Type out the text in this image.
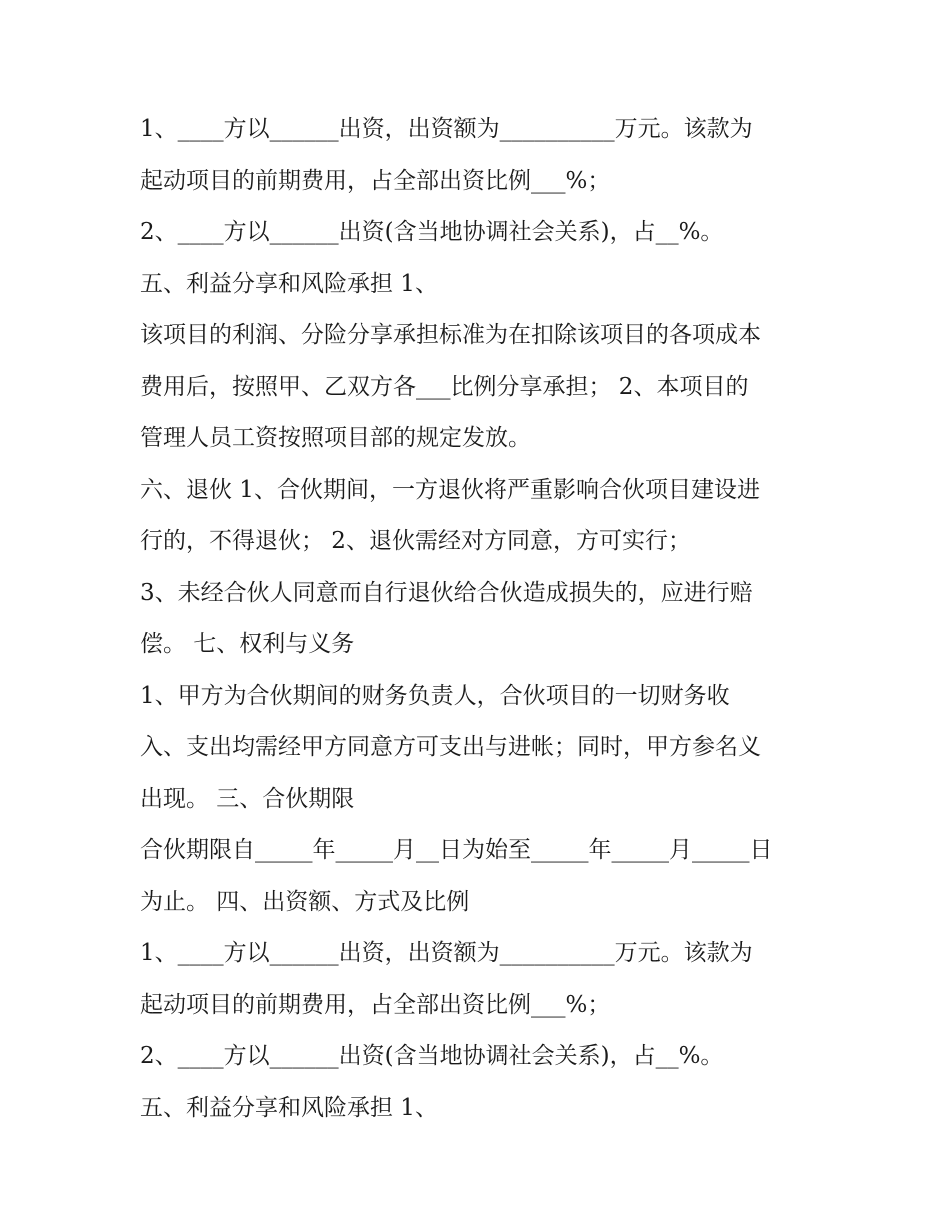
1、____方以______出资，出资额为__________万元。该款为
起动项目的前期费用，占全部出资比例___%；
2、____方以______出资(含当地协调社会关系)，占__%。
五、利益分享和风险承担 1、
该项目的利润、分险分享承担标准为在扣除该项目的各项成本
费用后，按照甲、乙双方各___比例分享承担； 2、本项目的
管理人员工资按照项目部的规定发放。
六、退伙 1、合伙期间，一方退伙将严重影响合伙项目建设进
行的，不得退伙； 2、退伙需经对方同意，方可实行；
3、未经合伙人同意而自行退伙给合伙造成损失的，应进行赔
偿。 七、权利与义务
1、甲方为合伙期间的财务负责人，合伙项目的一切财务收
入、支出均需经甲方同意方可支出与进帐；同时，甲方参名义
出现。 三、合伙期限
合伙期限自_____年_____月__日为始至_____年_____月_____日
为止。 四、出资额、方式及比例
1、____方以______出资，出资额为__________万元。该款为
起动项目的前期费用，占全部出资比例___%；
2、____方以______出资(含当地协调社会关系)，占__%。
五、利益分享和风险承担 1、
